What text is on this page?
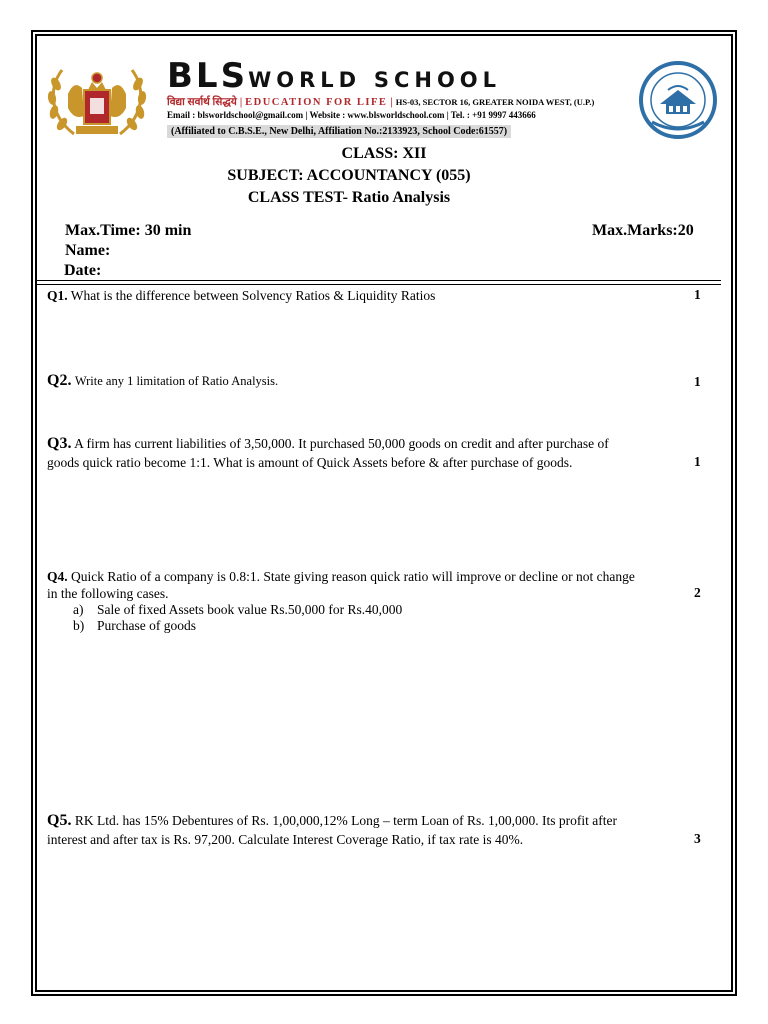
BLSWORLD SCHOOL
विद्या सर्वार्थ सिद्धये | EDUCATION FOR LIFE | HS-03, SECTOR 16, GREATER NOIDA WEST, (U.P.)
Email : blsworldschool@gmail.com | Website : www.blsworldschool.com | Tel. : +91 9997 443666
(Affiliated to C.B.S.E., New Delhi, Affiliation No.:2133923, School Code:61557)
CLASS: XII
SUBJECT: ACCOUNTANCY (055)
CLASS TEST- Ratio Analysis
Max.Time: 30 min	Max.Marks:20
Name:
Date:
Q1. What is the difference between Solvency Ratios & Liquidity Ratios	1
Q2. Write any 1 limitation of Ratio Analysis.	1
Q3. A firm has current liabilities of 3,50,000. It purchased 50,000 goods on credit and after purchase of
goods quick ratio become 1:1. What is amount of Quick Assets before & after purchase of goods.	1
Q4. Quick Ratio of a company is 0.8:1. State giving reason quick ratio will improve or decline or not change
in the following cases.	2
a) Sale of fixed Assets book value Rs.50,000 for Rs.40,000
b) Purchase of goods
Q5. RK Ltd. has 15% Debentures of Rs. 1,00,000,12% Long – term Loan of Rs. 1,00,000. Its profit after
interest and after tax is Rs. 97,200. Calculate Interest Coverage Ratio, if tax rate is 40%.	3
